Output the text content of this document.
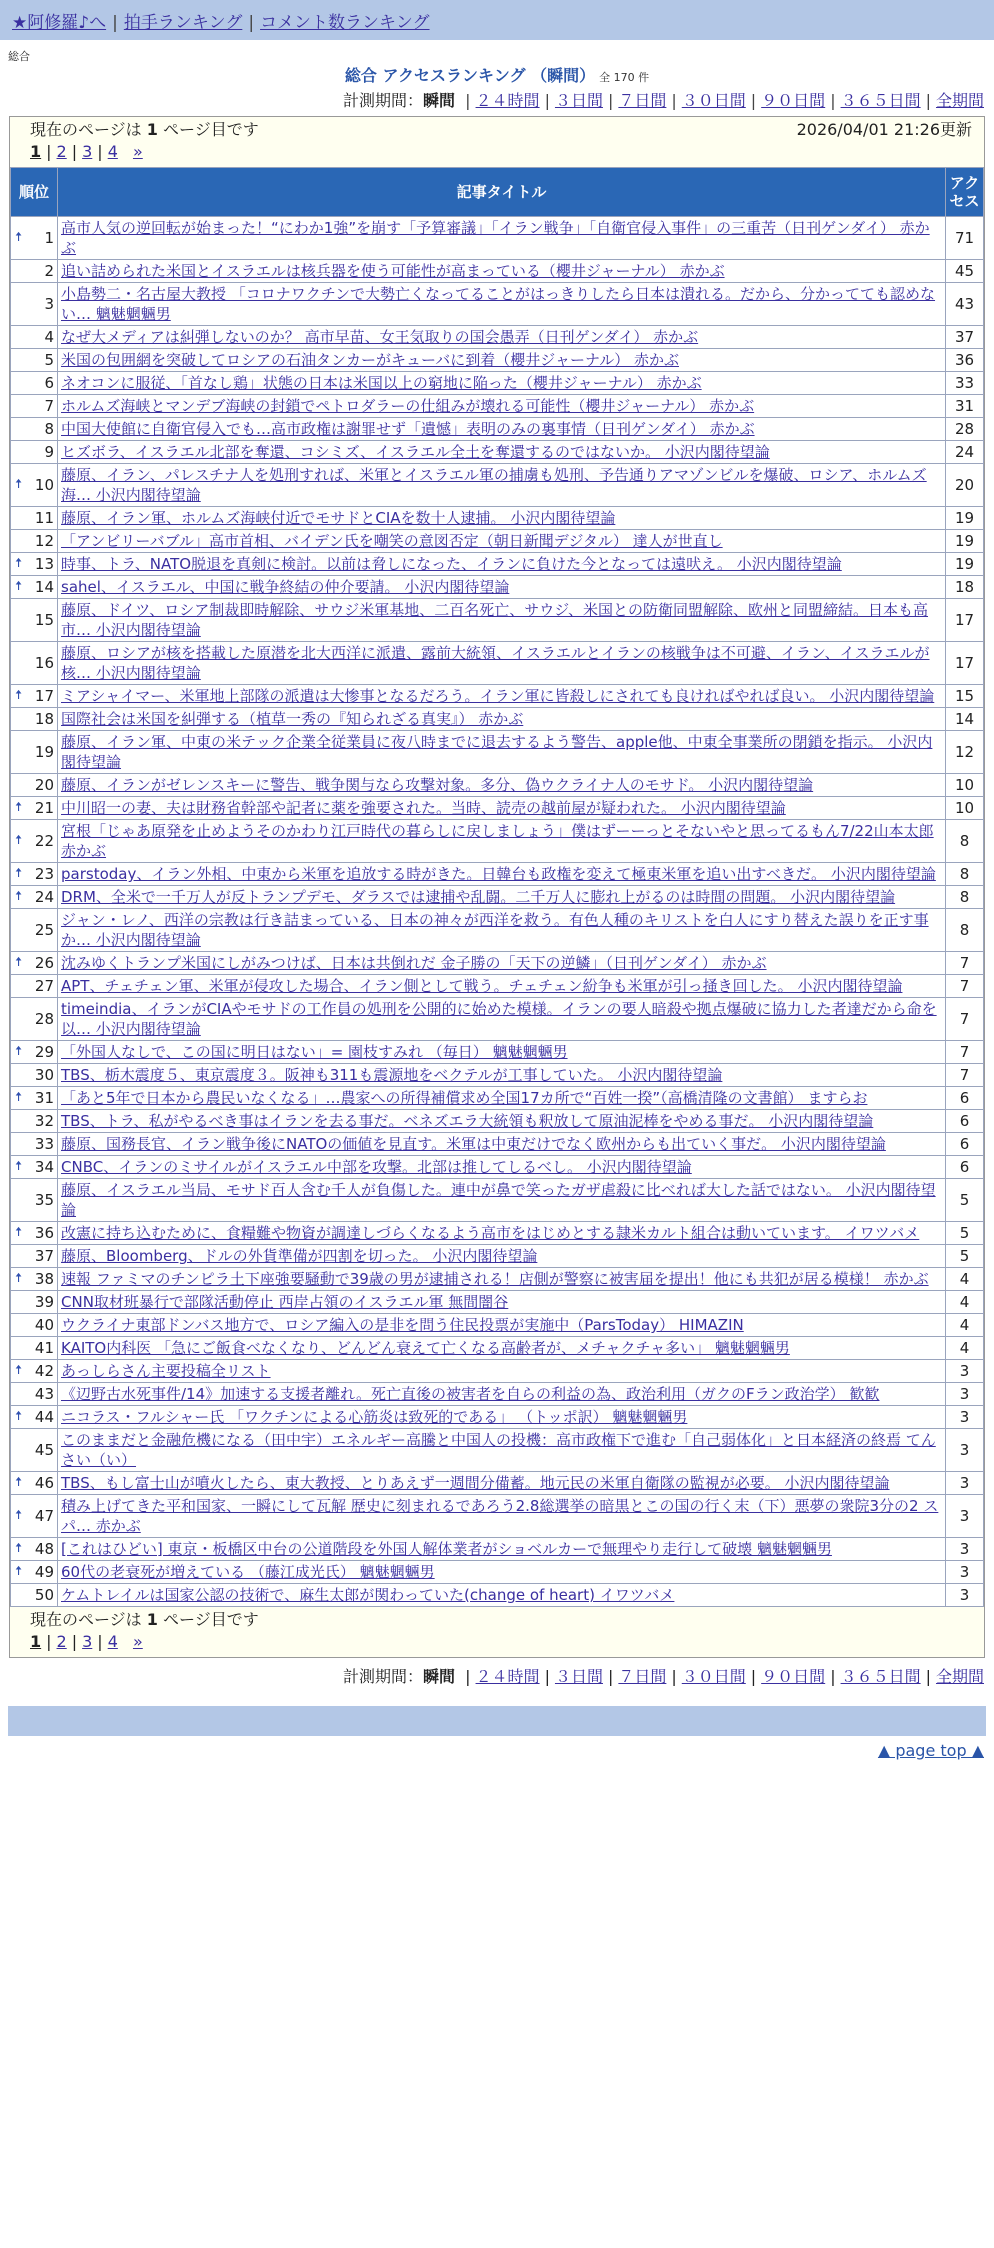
★阿修羅♪へ | 拍手ランキング | コメント数ランキング
総合
総合 アクセスランキング （瞬間） 全 170 件
計測期間：瞬間 | ２４時間 | ３日間 | ７日間 | ３０日間 | ９０日間 | ３６５日間 | 全期間
現在のページは 1 ページ目です	2026/04/01 21:26更新
1 | 2 | 3 | 4 »
順位	記事タイトル	アクセス

🠅 1	高市人気の逆回転が始まった！“にわか1強”を崩す「予算審議」「イラン戦争」「自衛官侵入事件」の三重苦（日刊ゲンダイ） 赤かぶ	71
2	追い詰められた米国とイスラエルは核兵器を使う可能性が高まっている（櫻井ジャーナル） 赤かぶ	45
3	小島勢二・名古屋大教授 「コロナワクチンで大勢亡くなってることがはっきりしたら日本は潰れる。だから、分かってても認めない… 魑魅魍魎男	43
4	なぜ大メディアは糾弾しないのか？ 高市早苗、女王気取りの国会愚弄（日刊ゲンダイ） 赤かぶ	37
5	米国の包囲網を突破してロシアの石油タンカーがキューバに到着（櫻井ジャーナル） 赤かぶ	36
6	ネオコンに服従、「首なし鶏」状態の日本は米国以上の窮地に陥った（櫻井ジャーナル） 赤かぶ	33
7	ホルムズ海峡とマンデブ海峡の封鎖でペトロダラーの仕組みが壊れる可能性（櫻井ジャーナル） 赤かぶ	31
8	中国大使館に自衛官侵入でも…高市政権は謝罪せず「遺憾」表明のみの裏事情（日刊ゲンダイ） 赤かぶ	28
9	ヒズボラ、イスラエル北部を奪還、コシミズ、イスラエル全土を奪還するのではないか。 小沢内閣待望論	24

🠅 10	藤原、イラン、パレスチナ人を処刑すれば、米軍とイスラエル軍の捕虜も処刑、予告通りアマゾンビルを爆破、ロシア、ホルムズ海… 小沢内閣待望論	20
11	藤原、イラン軍、ホルムズ海峡付近でモサドとCIAを数十人逮捕。 小沢内閣待望論	19
12	「アンビリーバブル」高市首相、バイデン氏を嘲笑の意図否定（朝日新聞デジタル） 達人が世直し	19

🠅 13	時事、トラ、NATO脱退を真剣に検討。以前は脅しになった、イランに負けた今となっては遠吠え。 小沢内閣待望論	19

🠅 14	sahel、イスラエル、中国に戦争終結の仲介要請。 小沢内閣待望論	18
15	藤原、ドイツ、ロシア制裁即時解除、サウジ米軍基地、二百名死亡、サウジ、米国との防衛同盟解除、欧州と同盟締結。日本も高市… 小沢内閣待望論	17
16	藤原、ロシアが核を搭載した原潜を北大西洋に派遣、露前大統領、イスラエルとイランの核戦争は不可避、イラン、イスラエルが核… 小沢内閣待望論	17

🠅 17	ミアシャイマー、米軍地上部隊の派遣は大惨事となるだろう。イラン軍に皆殺しにされても良ければやれば良い。 小沢内閣待望論	15
18	国際社会は米国を糾弾する（植草一秀の『知られざる真実』） 赤かぶ	14
19	藤原、イラン軍、中東の米テック企業全従業員に夜八時までに退去するよう警告、apple他、中東全事業所の閉鎖を指示。 小沢内閣待望論	12
20	藤原、イランがゼレンスキーに警告、戦争関与なら攻撃対象。多分、偽ウクライナ人のモサド。 小沢内閣待望論	10

🠅 21	中川昭一の妻、夫は財務省幹部や記者に薬を強要された。当時、読売の越前屋が疑われた。 小沢内閣待望論	10

🠅 22	宮根「じゃあ原発を止めようそのかわり江戸時代の暮らしに戻しましょう」僕はずーーっとそないやと思ってるもん7/22山本太郎 赤かぶ	8

🠅 23	parstoday、イラン外相、中東から米軍を追放する時がきた。日韓台も政権を変えて極東米軍を追い出すべきだ。 小沢内閣待望論	8

🠅 24	DRM、全米で一千万人が反トランプデモ、ダラスでは逮捕や乱闘。二千万人に膨れ上がるのは時間の問題。 小沢内閣待望論	8
25	ジャン・レノ、西洋の宗教は行き詰まっている、日本の神々が西洋を救う。有色人種のキリストを白人にすり替えた誤りを正す事か… 小沢内閣待望論	8

🠅 26	沈みゆくトランプ米国にしがみつけば、日本は共倒れだ 金子勝の「天下の逆鱗」（日刊ゲンダイ） 赤かぶ	7
27	APT、チェチェン軍、米軍が侵攻した場合、イラン側として戦う。チェチェン紛争も米軍が引っ掻き回した。 小沢内閣待望論	7
28	timeindia、イランがCIAやモサドの工作員の処刑を公開的に始めた模様。イランの要人暗殺や拠点爆破に協力した者達だから命を以… 小沢内閣待望論	7

🠅 29	「外国人なしで、この国に明日はない」= 園枝すみれ （毎日） 魑魅魍魎男	7
30	TBS、栃木震度５、東京震度３。阪神も311も震源地をベクテルが工事していた。 小沢内閣待望論	7

🠅 31	「あと5年で日本から農民いなくなる」…農家への所得補償求め全国17カ所で“百姓一揆”（高橋清隆の文書館） ますらお	6
32	TBS、トラ、私がやるべき事はイランを去る事だ。ベネズエラ大統領も釈放して原油泥棒をやめる事だ。 小沢内閣待望論	6
33	藤原、国務長官、イラン戦争後にNATOの価値を見直す。米軍は中東だけでなく欧州からも出ていく事だ。 小沢内閣待望論	6

🠅 34	CNBC、イランのミサイルがイスラエル中部を攻撃。北部は推してしるべし。 小沢内閣待望論	6
35	藤原、イスラエル当局、モサド百人含む千人が負傷した。連中が鼻で笑ったガザ虐殺に比べれば大した話ではない。 小沢内閣待望論	5

🠅 36	改憲に持ち込むために、食糧難や物資が調達しづらくなるよう高市をはじめとする隷米カルト組合は動いています。 イワツバメ	5
37	藤原、Bloomberg、ドルの外貨準備が四割を切った。 小沢内閣待望論	5

🠅 38	速報 ファミマのチンピラ土下座強要騒動で39歳の男が逮捕される！店側が警察に被害届を提出！他にも共犯が居る模様！ 赤かぶ	4
39	CNN取材班暴行で部隊活動停止 西岸占領のイスラエル軍 無間闇谷	4
40	ウクライナ東部ドンバス地方で、ロシア編入の是非を問う住民投票が実施中（ParsToday） HIMAZIN	4
41	KAITO内科医 「急にご飯食べなくなり、どんどん衰えて亡くなる高齢者が、メチャクチャ多い」 魑魅魍魎男	4

🠅 42	あっしらさん主要投稿全リスト	3
43	《辺野古水死事件/14》加速する支援者離れ。死亡直後の被害者を自らの利益の為、政治利用（ガクのFラン政治学） 歓歓	3

🠅 44	ニコラス・フルシャー氏 「ワクチンによる心筋炎は致死的である」 （トッポ訳） 魑魅魍魎男	3
45	このままだと金融危機になる（田中宇）エネルギー高騰と中国人の投機：高市政権下で進む「自己弱体化」と日本経済の終焉 てんさい（い）	3

🠅 46	TBS、もし富士山が噴火したら、東大教授、とりあえず一週間分備蓄。地元民の米軍自衛隊の監視が必要。 小沢内閣待望論	3

🠅 47	積み上げてきた平和国家、一瞬にして瓦解 歴史に刻まれるであろう2.8総選挙の暗黒とこの国の行く末（下）悪夢の衆院3分の2 スパ… 赤かぶ	3

🠅 48	[これはひどい] 東京・板橋区中台の公道階段を外国人解体業者がショベルカーで無理やり走行して破壊 魑魅魍魎男	3

🠅 49	60代の老衰死が増えている （藤江成光氏） 魑魅魍魎男	3
50	ケムトレイルは国家公認の技術で、麻生太郎が関わっていた(change of heart) イワツバメ	3
現在のページは 1 ページ目です
1 | 2 | 3 | 4 »
計測期間：瞬間 | ２４時間 | ３日間 | ７日間 | ３０日間 | ９０日間 | ３６５日間 | 全期間
▲ page top ▲
